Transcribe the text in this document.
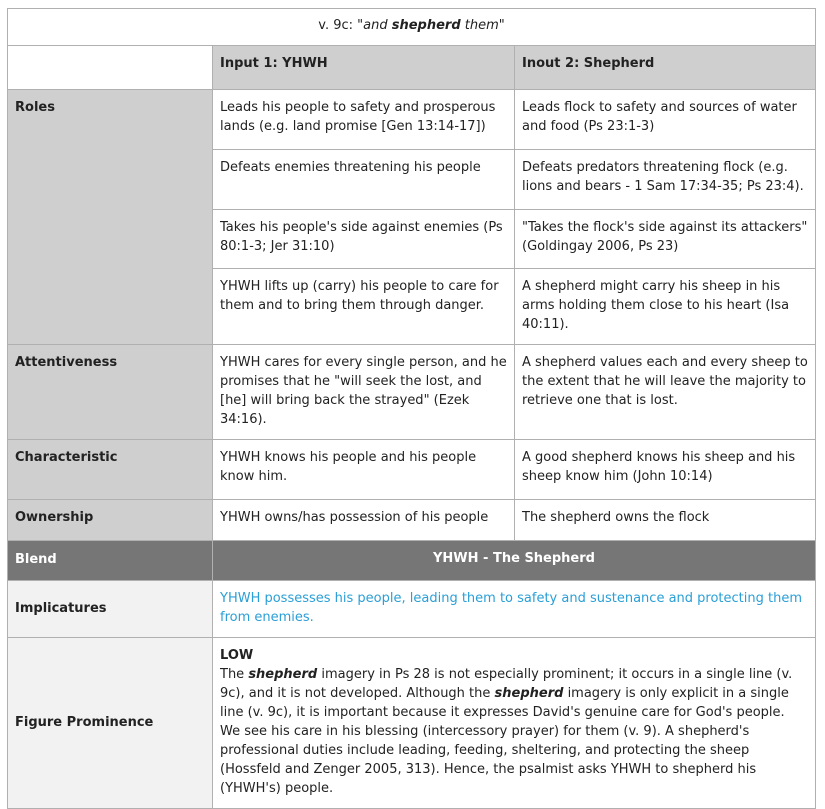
v. 9c: "and shepherd them"		
	Input 1: YHWH	Inout 2: Shepherd
Roles	Leads his people to safety and prosperous lands (e.g. land promise [Gen 13:14-17])	Leads flock to safety and sources of water and food (Ps 23:1-3)
	Defeats enemies threatening his people	Defeats predators threatening flock (e.g. lions and bears - 1 Sam 17:34-35; Ps 23:4).
	Takes his people's side against enemies (Ps 80:1-3; Jer 31:10)	"Takes the flock's side against its attackers" (Goldingay 2006, Ps 23)
	YHWH lifts up (carry) his people to care for them and to bring them through danger.	A shepherd might carry his sheep in his arms holding them close to his heart (Isa 40:11).
Attentiveness	YHWH cares for every single person, and he promises that he "will seek the lost, and [he] will bring back the strayed" (Ezek 34:16).	A shepherd values each and every sheep to the extent that he will leave the majority to retrieve one that is lost.
Characteristic	YHWH knows his people and his people know him.	A good shepherd knows his sheep and his sheep know him (John 10:14)
Ownership	YHWH owns/has possession of his people	The shepherd owns the flock
Blend	YHWH - The Shepherd	
Implicatures	YHWH possesses his people, leading them to safety and sustenance and protecting them from enemies.	
Figure Prominence	LOW
The shepherd imagery in Ps 28 is not especially prominent; it occurs in a single line (v. 9c), and it is not developed. Although the shepherd imagery is only explicit in a single line (v. 9c), it is important because it expresses David's genuine care for God's people. We see his care in his blessing (intercessory prayer) for them (v. 9). A shepherd's professional duties include leading, feeding, sheltering, and protecting the sheep (Hossfeld and Zenger 2005, 313). Hence, the psalmist asks YHWH to shepherd his (YHWH's) people.	
